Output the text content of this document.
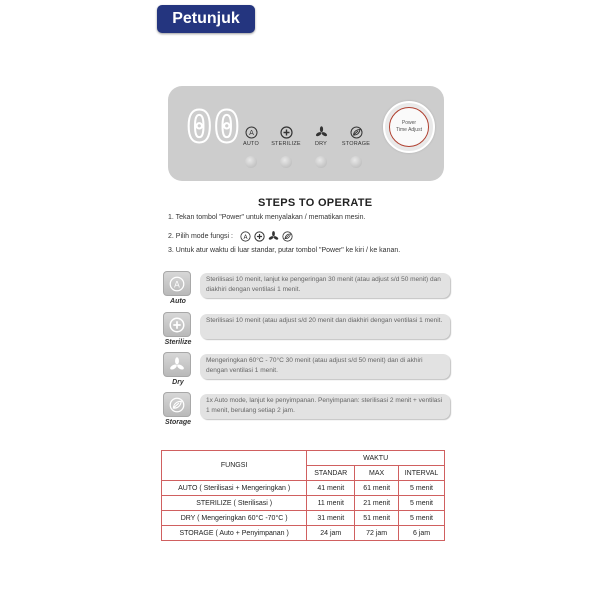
Petunjuk
00 A
AUTO	STERILIZE	DRY	STORAGE
Power
Time Adjust
STEPS TO OPERATE
1. Tekan tombol "Power" untuk menyalakan / mematikan mesin.
2. Pilih mode fungsi : A
3. Untuk atur waktu di luar standar, putar tombol "Power" ke kiri / ke kanan.
A
Auto
Sterilisasi 10 menit, lanjut ke pengeringan 30 menit (atau adjust s/d 50 menit) dan diakhiri dengan ventilasi 1 menit.
Sterilize
Sterilisasi 10 menit (atau adjust s/d 20 menit dan diakhiri dengan ventilasi 1 menit.
Dry
Mengeringkan 60°C - 70°C 30 menit (atau adjust s/d 50 menit) dan di akhiri dengan ventilasi 1 menit.
Storage
1x Auto mode, lanjut ke penyimpanan. Penyimpanan: sterilisasi 2 menit + ventilasi 1 menit, berulang setiap 2 jam.
FUNGSI	WAKTU		
	STANDAR	MAX	INTERVAL
AUTO ( Sterilisasi + Mengeringkan )	41 menit	61 menit	5 menit
STERILIZE ( Sterilisasi )	11 menit	21 menit	5 menit
DRY ( Mengeringkan 60°C -70°C )	31 menit	51 menit	5 menit
STORAGE ( Auto + Penyimpanan )	24 jam	72 jam	6 jam
